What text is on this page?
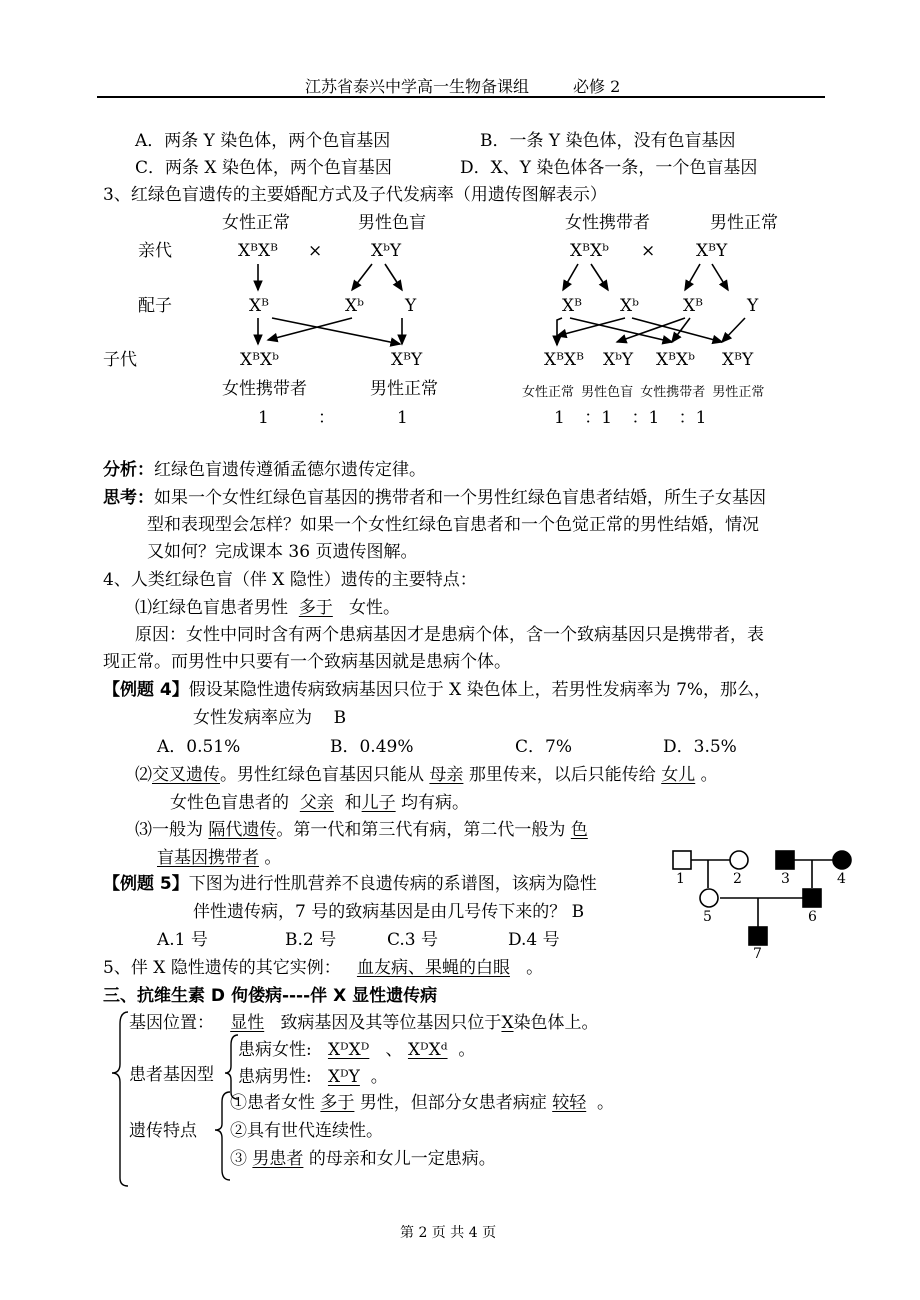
江苏省泰兴中学高一生物备课组	必修 2
A．两条 Y 染色体，两个色盲基因	B．一条 Y 染色体，没有色盲基因
C．两条 X 染色体，两个色盲基因	D．X、Y 染色体各一条，一个色盲基因
3、红绿色盲遗传的主要婚配方式及子代发病率（用遗传图解表示）
亲代
配子
子代
女性正常	男性色盲
XᴮXᴮ ×	XᵇY
Xᴮ	Xᵇ Y
XᴮXᵇ	XᴮY
女性携带者	男性正常
1	：	1
女性携带者	男性正常
XᴮXᵇ × XᴮY
Xᴮ Xᵇ	Xᴮ	Y
XᴮXᴮ XᵇY XᴮXᵇ XᴮY
女性正常 男性色盲 女性携带者 男性正常
1 ：1 ：1 ：1
分析：红绿色盲遗传遵循孟德尔遗传定律。
思考：如果一个女性红绿色盲基因的携带者和一个男性红绿色盲患者结婚，所生子女基因
型和表现型会怎样？如果一个女性红绿色盲患者和一个色觉正常的男性结婚，情况
又如何？完成课本 36 页遗传图解。
4、人类红绿色盲（伴 X 隐性）遗传的主要特点：
⑴红绿色盲患者男性 多于 女性。
原因：女性中同时含有两个患病基因才是患病个体，含一个致病基因只是携带者，表
现正常。而男性中只要有一个致病基因就是患病个体。
【例题 4】假设某隐性遗传病致病基因只位于 X 染色体上，若男性发病率为 7%，那么，
女性发病率应为 B
A．0.51%	B．0.49%	C．7%	D．3.5%
⑵交叉遗传。男性红绿色盲基因只能从 母亲 那里传来，以后只能传给 女儿 。
女性色盲患者的 父亲 和儿子 均有病。
⑶一般为 隔代遗传。第一代和第三代有病，第二代一般为 色
盲基因携带者 。
【例题 5】下图为进行性肌营养不良遗传病的系谱图，该病为隐性
伴性遗传病，7 号的致病基因是由几号传下来的？ B
A.1 号	B.2 号	C.3 号	D.4 号
1	2	3	4
5	6
7
5、伴 X 隐性遗传的其它实例： 血友病、果蝇的白眼 。
三、抗维生素 D 佝偻病----伴 X 显性遗传病
基因位置： 显性 致病基因及其等位基因只位于X染色体上。
患病女性: XᴰXᴰ 、 XᴰXᵈ 。
患者基因型 患病男性: XᴰY 。
①患者女性 多于 男性，但部分女患者病症 较轻 。
遗传特点 ②具有世代连续性。
③ 男患者 的母亲和女儿一定患病。
第 2 页 共 4 页
